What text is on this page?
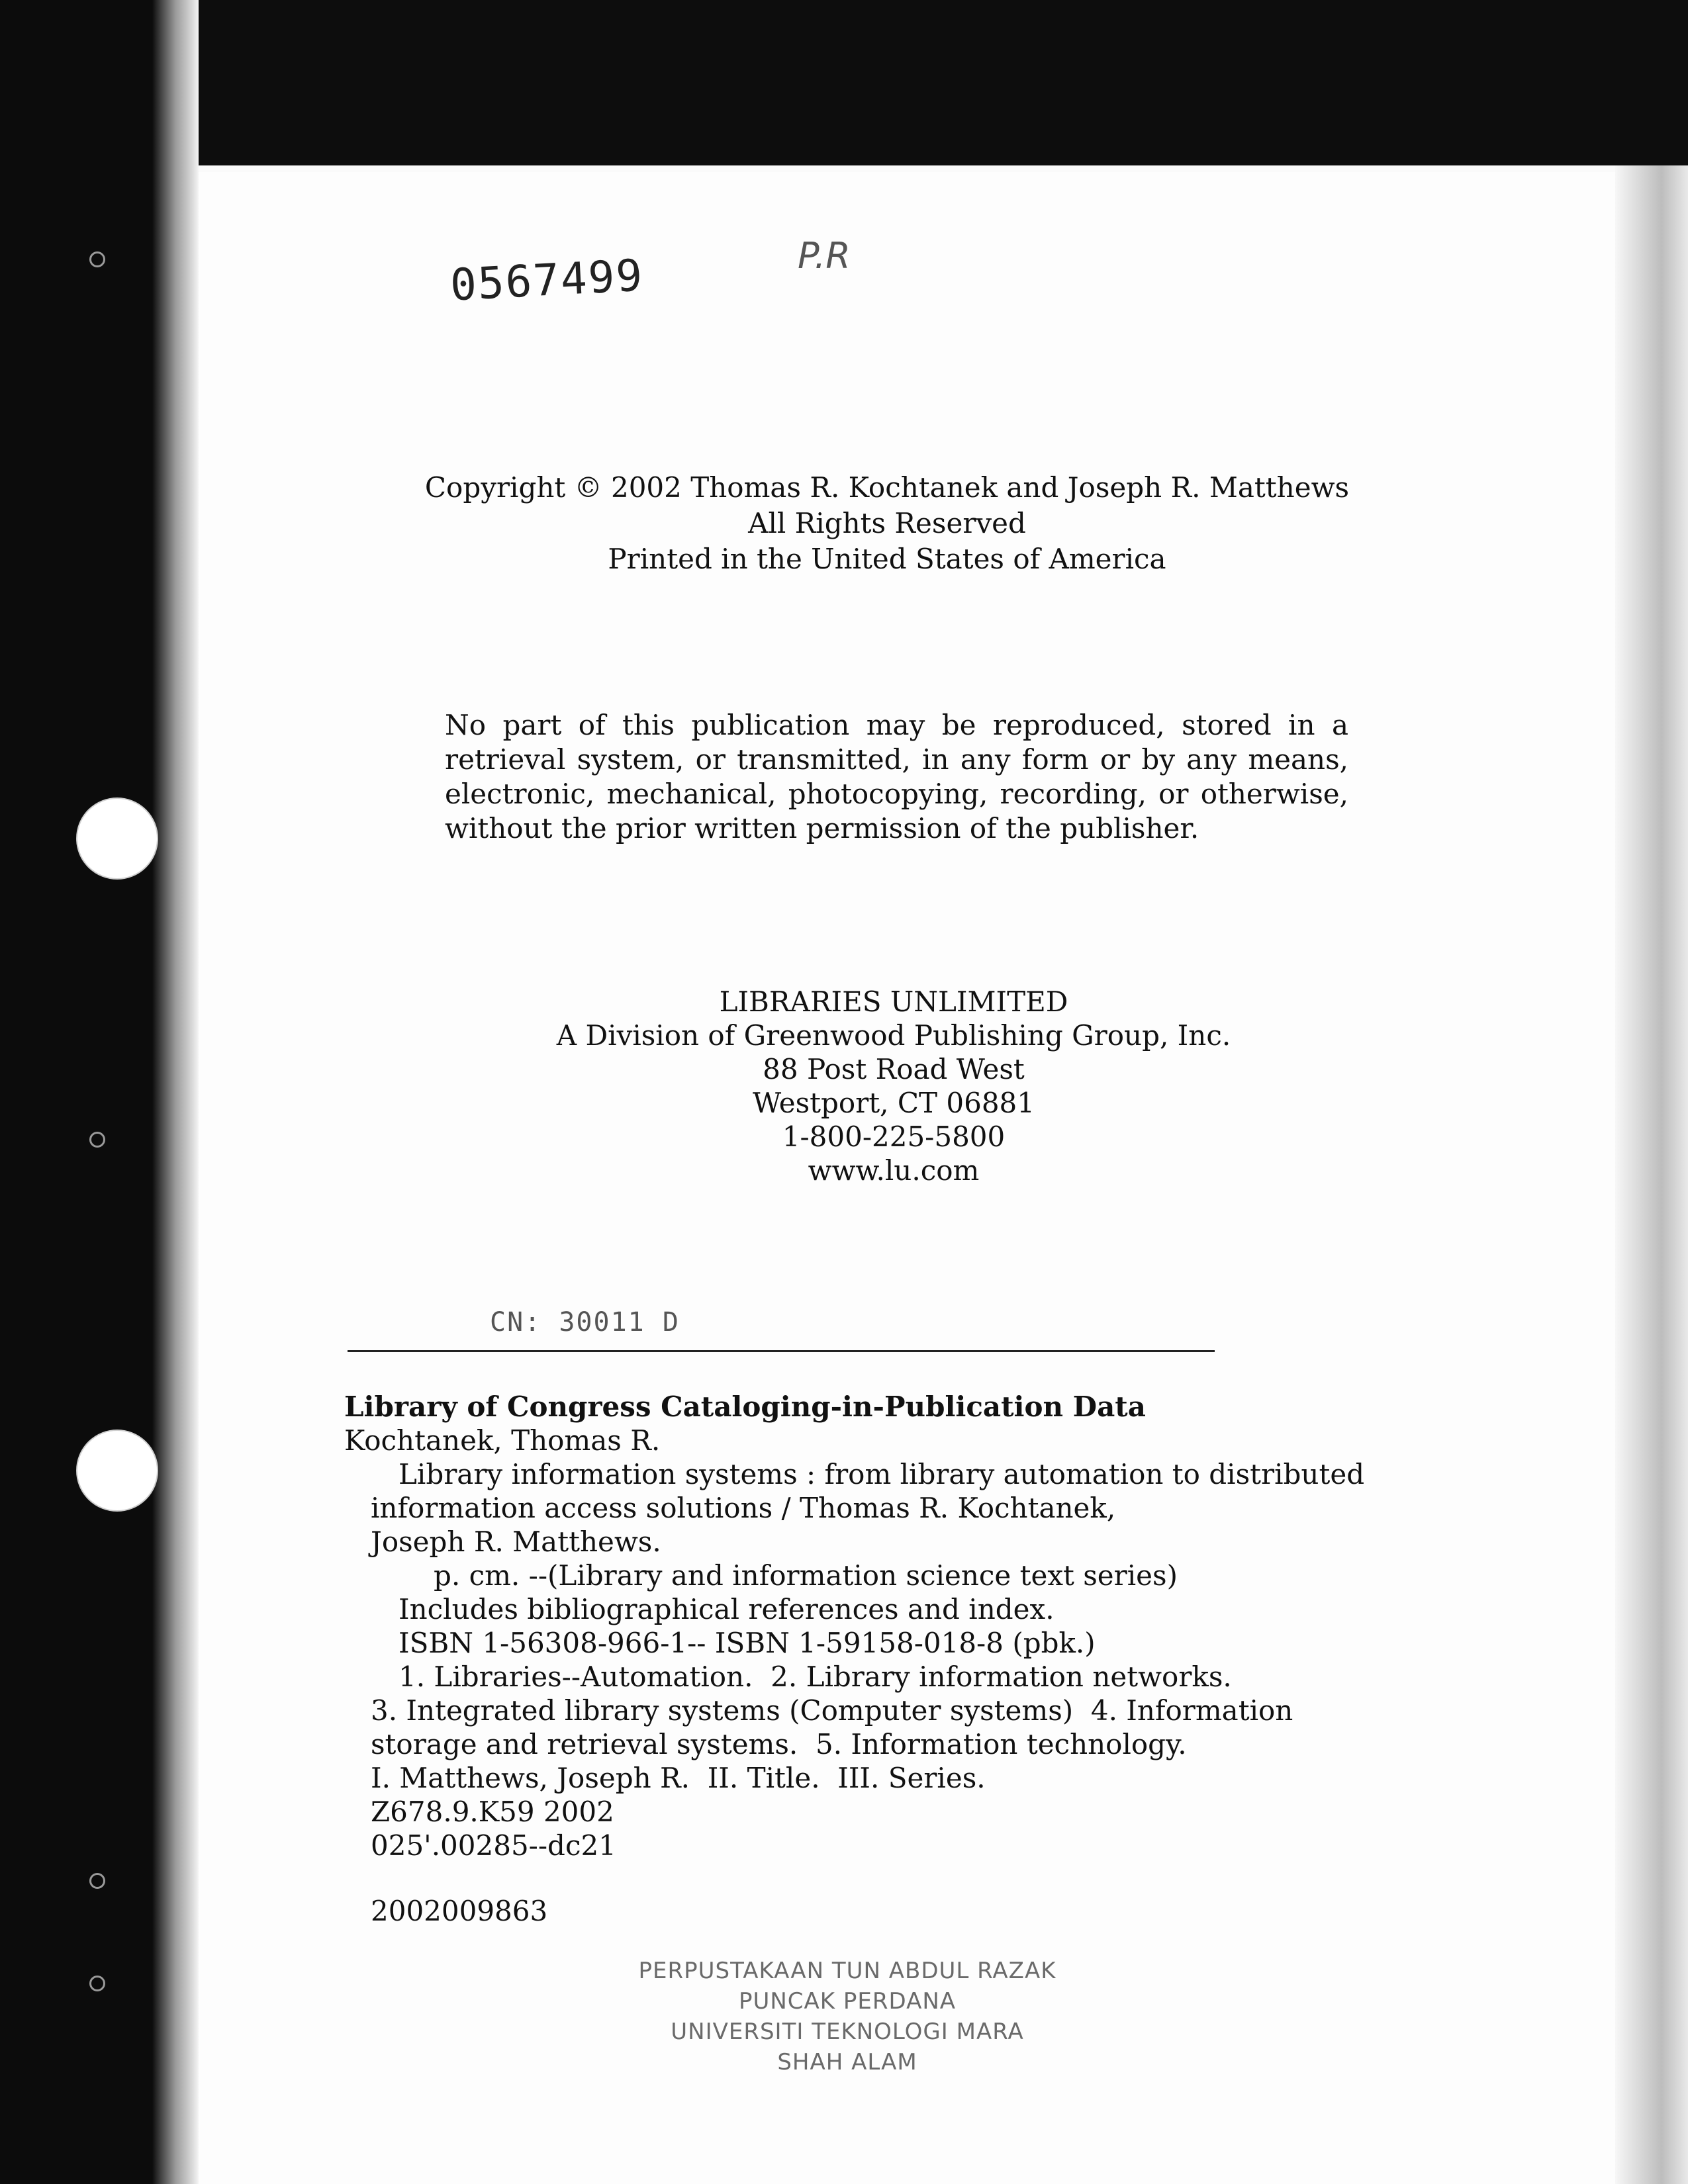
0567499	P.R
Copyright © 2002 Thomas R. Kochtanek and Joseph R. Matthews
All Rights Reserved
Printed in the United States of America
No part of this publication may be reproduced, stored in a retrieval system, or transmitted, in any form or by any means, electronic, mechanical, photocopying, recording, or otherwise, without the prior written permission of the publisher.
LIBRARIES UNLIMITED
A Division of Greenwood Publishing Group, Inc.
88 Post Road West
Westport, CT 06881
1-800-225-5800
www.lu.com
CN: 30011 D
Library of Congress Cataloging-in-Publication Data
Kochtanek, Thomas R.
Library information systems : from library automation to distributed
information access solutions / Thomas R. Kochtanek,
Joseph R. Matthews.
p. cm. --(Library and information science text series)
Includes bibliographical references and index.
ISBN 1-56308-966-1-- ISBN 1-59158-018-8 (pbk.)
1. Libraries--Automation.  2. Library information networks.
3. Integrated library systems (Computer systems)  4. Information
storage and retrieval systems.  5. Information technology.
I. Matthews, Joseph R.  II. Title.  III. Series.
Z678.9.K59 2002
025'.00285--dc21
2002009863
PERPUSTAKAAN TUN ABDUL RAZAK
PUNCAK PERDANA
UNIVERSITI TEKNOLOGI MARA
SHAH ALAM
